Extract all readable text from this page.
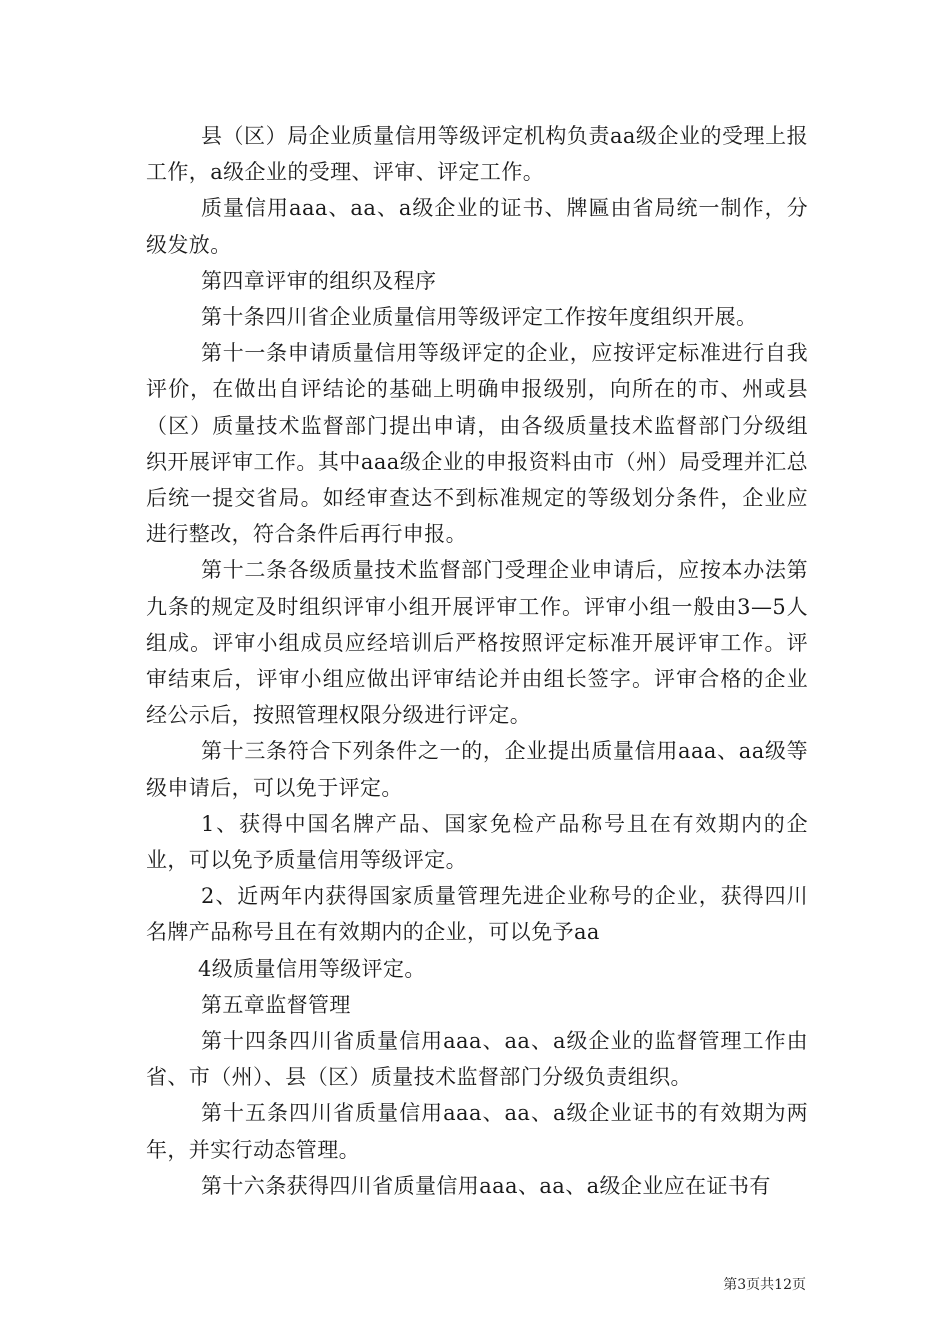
县（区）局企业质量信用等级评定机构负责aa级企业的受理上报工作，a级企业的受理、评审、评定工作。

质量信用aaa、aa、a级企业的证书、牌匾由省局统一制作，分级发放。

第四章评审的组织及程序

第十条四川省企业质量信用等级评定工作按年度组织开展。

第十一条申请质量信用等级评定的企业，应按评定标准进行自我评价，在做出自评结论的基础上明确申报级别，向所在的市、州或县（区）质量技术监督部门提出申请，由各级质量技术监督部门分级组织开展评审工作。其中aaa级企业的申报资料由市（州）局受理并汇总后统一提交省局。如经审查达不到标准规定的等级划分条件，企业应进行整改，符合条件后再行申报。

第十二条各级质量技术监督部门受理企业申请后，应按本办法第九条的规定及时组织评审小组开展评审工作。评审小组一般由3—5人组成。评审小组成员应经培训后严格按照评定标准开展评审工作。评审结束后，评审小组应做出评审结论并由组长签字。评审合格的企业经公示后，按照管理权限分级进行评定。

第十三条符合下列条件之一的，企业提出质量信用aaa、aa级等级申请后，可以免于评定。

1、获得中国名牌产品、国家免检产品称号且在有效期内的企业，可以免予质量信用等级评定。

2、近两年内获得国家质量管理先进企业称号的企业，获得四川名牌产品称号且在有效期内的企业，可以免予aa

4级质量信用等级评定。

第五章监督管理

第十四条四川省质量信用aaa、aa、a级企业的监督管理工作由省、市（州）、县（区）质量技术监督部门分级负责组织。

第十五条四川省质量信用aaa、aa、a级企业证书的有效期为两年，并实行动态管理。

第十六条获得四川省质量信用aaa、aa、a级企业应在证书有

第3页共12页
